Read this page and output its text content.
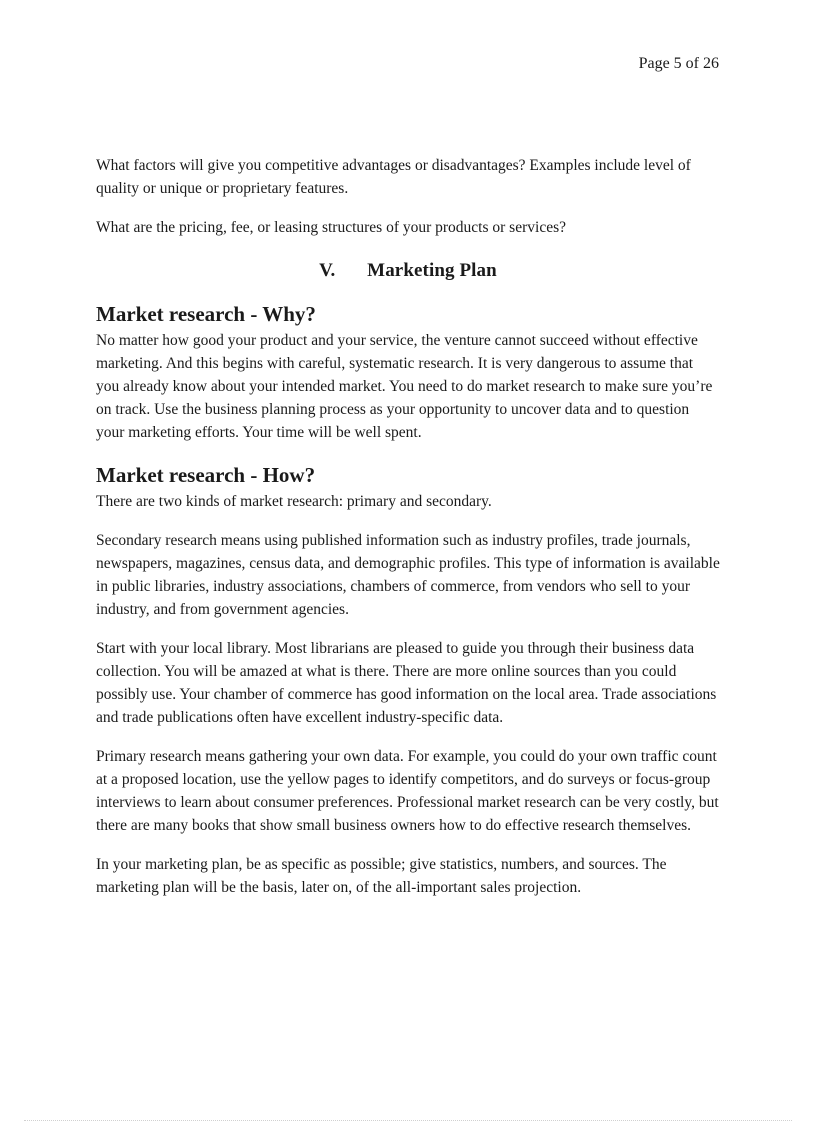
Page 5 of 26

What factors will give you competitive advantages or disadvantages? Examples include level of quality or unique or proprietary features.

What are the pricing, fee, or leasing structures of your products or services?

V. Marketing Plan
Market research - Why?

No matter how good your product and your service, the venture cannot succeed without effective marketing. And this begins with careful, systematic research. It is very dangerous to assume that you already know about your intended market. You need to do market research to make sure you’re on track. Use the business planning process as your opportunity to uncover data and to question your marketing efforts. Your time will be well spent.

Market research - How?

There are two kinds of market research: primary and secondary.

Secondary research means using published information such as industry profiles, trade journals, newspapers, magazines, census data, and demographic profiles. This type of information is available in public libraries, industry associations, chambers of commerce, from vendors who sell to your industry, and from government agencies.

Start with your local library. Most librarians are pleased to guide you through their business data collection. You will be amazed at what is there. There are more online sources than you could possibly use. Your chamber of commerce has good information on the local area. Trade associations and trade publications often have excellent industry-specific data.

Primary research means gathering your own data. For example, you could do your own traffic count at a proposed location, use the yellow pages to identify competitors, and do surveys or focus-group interviews to learn about consumer preferences. Professional market research can be very costly, but there are many books that show small business owners how to do effective research themselves.

In your marketing plan, be as specific as possible; give statistics, numbers, and sources. The marketing plan will be the basis, later on, of the all-important sales projection.
